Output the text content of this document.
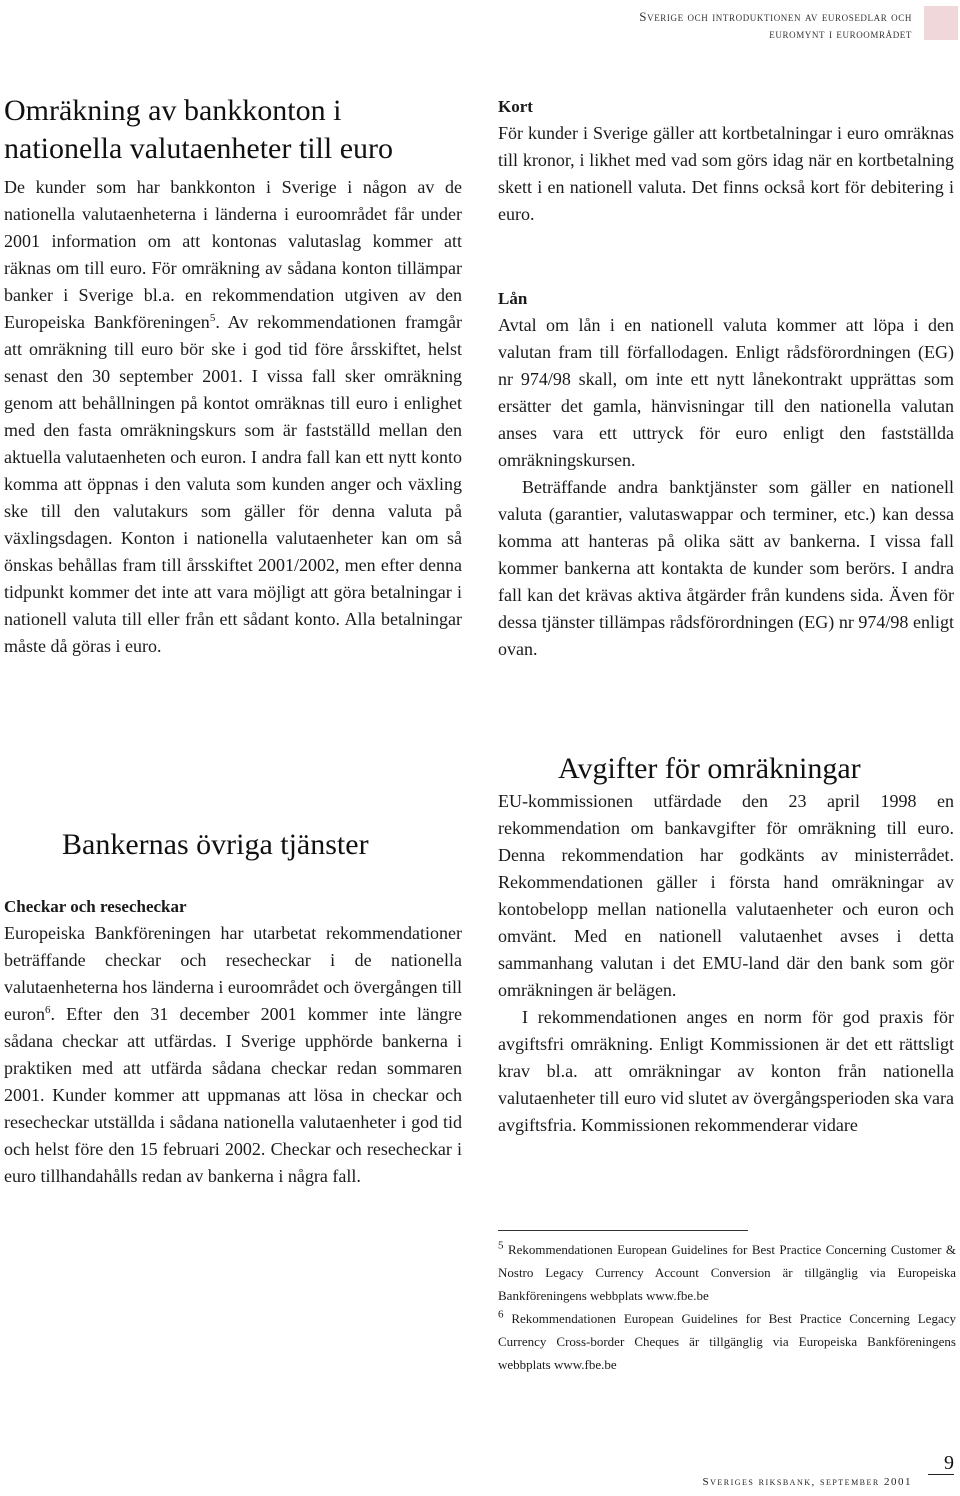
Sverige och introduktionen av eurosedlar och
euromynt i euroområdet
Omräkning av bankkonton i
nationella valutaenheter till euro

De kunder som har bankkonton i Sverige i någon av de nationella valutaenheterna i länderna i euroområdet får under 2001 information om att kontonas valutaslag kommer att räknas om till euro. För omräkning av sådana konton tillämpar banker i Sverige bl.a. en rekommendation utgiven av den Europeiska Bankföreningen$^5$. Av rekommendationen framgår att omräkning till euro bör ske i god tid före årsskiftet, helst senast den 30 september 2001. I vissa fall sker omräkning genom att behållningen på kontot omräknas till euro i enlighet med den fasta omräkningskurs som är fastställd mellan den aktuella valutaenheten och euron. I andra fall kan ett nytt konto komma att öppnas i den valuta som kunden anger och växling ske till den valutakurs som gäller för denna valuta på växlingsdagen. Konton i nationella valutaenheter kan om så önskas behållas fram till årsskiftet 2001/2002, men efter denna tidpunkt kommer det inte att vara möjligt att göra betalningar i nationell valuta till eller från ett sådant konto. Alla betalningar måste då göras i euro.

Bankernas övriga tjänster
Checkar och resecheckar

Europeiska Bankföreningen har utarbetat rekommendationer beträffande checkar och resecheckar i de nationella valutaenheterna hos länderna i euroområdet och övergången till euron$^6$. Efter den 31 december 2001 kommer inte längre sådana checkar att utfärdas. I Sverige upphörde bankerna i praktiken med att utfärda sådana checkar redan sommaren 2001. Kunder kommer att uppmanas att lösa in checkar och resecheckar utställda i sådana nationella valutaenheter i god tid och helst före den 15 februari 2002. Checkar och resecheckar i euro tillhandahålls redan av bankerna i några fall.

Kort

För kunder i Sverige gäller att kortbetalningar i euro omräknas till kronor, i likhet med vad som görs idag när en kortbetalning skett i en nationell valuta. Det finns också kort för debitering i euro.

Lån

Avtal om lån i en nationell valuta kommer att löpa i den valutan fram till förfallodagen. Enligt rådsförordningen (EG) nr 974/98 skall, om inte ett nytt lånekontrakt upprättas som ersätter det gamla, hänvisningar till den nationella valutan anses vara ett uttryck för euro enligt den fastställda omräkningskursen.

Beträffande andra banktjänster som gäller en nationell valuta (garantier, valutaswappar och terminer, etc.) kan dessa komma att hanteras på olika sätt av bankerna. I vissa fall kommer bankerna att kontakta de kunder som berörs. I andra fall kan det krävas aktiva åtgärder från kundens sida. Även för dessa tjänster tillämpas rådsförordningen (EG) nr 974/98 enligt ovan.

Avgifter för omräkningar

EU-kommissionen utfärdade den 23 april 1998 en rekommendation om bankavgifter för omräkning till euro. Denna rekommendation har godkänts av ministerrådet. Rekommendationen gäller i första hand omräkningar av kontobelopp mellan nationella valutaenheter och euron och omvänt. Med en nationell valutaenhet avses i detta sammanhang valutan i det EMU-land där den bank som gör omräkningen är belägen.

I rekommendationen anges en norm för god praxis för avgiftsfri omräkning. Enligt Kommissionen är det ett rättsligt krav bl.a. att omräkningar av konton från nationella valutaenheter till euro vid slutet av övergångsperioden ska vara avgiftsfria. Kommissionen rekommenderar vidare

$^5$ Rekommendationen European Guidelines for Best Practice Concerning Customer & Nostro Legacy Currency Account Conversion är tillgänglig via Europeiska Bankföreningens webbplats www.fbe.be

$^6$ Rekommendationen European Guidelines for Best Practice Concerning Legacy Currency Cross-border Cheques är tillgänglig via Europeiska Bankföreningens webbplats www.fbe.be

9
Sveriges riksbank, september 2001
